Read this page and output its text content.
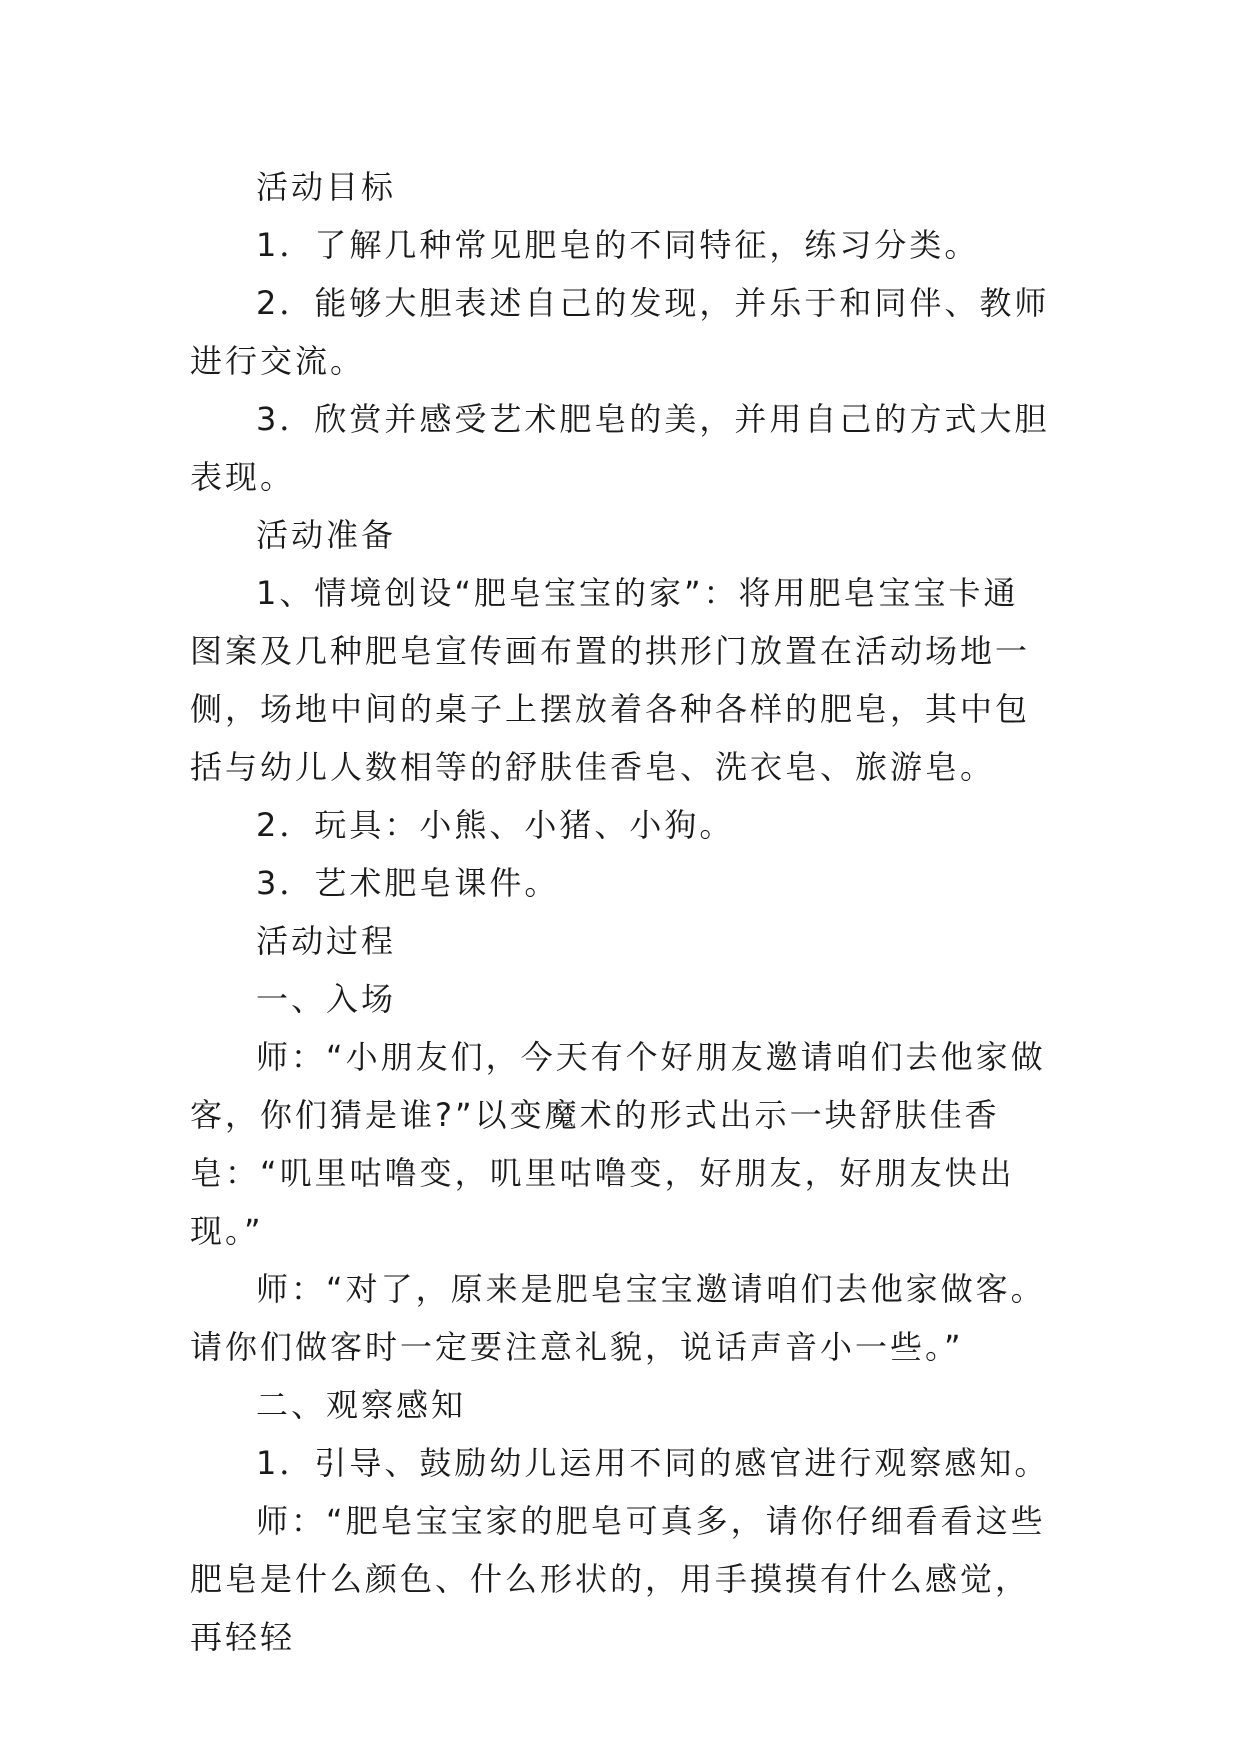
活动目标

1．了解几种常见肥皂的不同特征，练习分类。

2．能够大胆表述自己的发现，并乐于和同伴、教师进行交流。

3．欣赏并感受艺术肥皂的美，并用自己的方式大胆表现。

活动准备

1、情境创设“肥皂宝宝的家”：将用肥皂宝宝卡通图案及几种肥皂宣传画布置的拱形门放置在活动场地一侧，场地中间的桌子上摆放着各种各样的肥皂，其中包括与幼儿人数相等的舒肤佳香皂、洗衣皂、旅游皂。

2．玩具：小熊、小猪、小狗。

3．艺术肥皂课件。

活动过程

一、入场

师：“小朋友们，今天有个好朋友邀请咱们去他家做客，你们猜是谁?”以变魔术的形式出示一块舒肤佳香皂：“叽里咕噜变，叽里咕噜变，好朋友，好朋友快出现。”

师：“对了，原来是肥皂宝宝邀请咱们去他家做客。请你们做客时一定要注意礼貌，说话声音小一些。”

二、观察感知

1．引导、鼓励幼儿运用不同的感官进行观察感知。

师：“肥皂宝宝家的肥皂可真多，请你仔细看看这些肥皂是什么颜色、什么形状的，用手摸摸有什么感觉，再轻轻
